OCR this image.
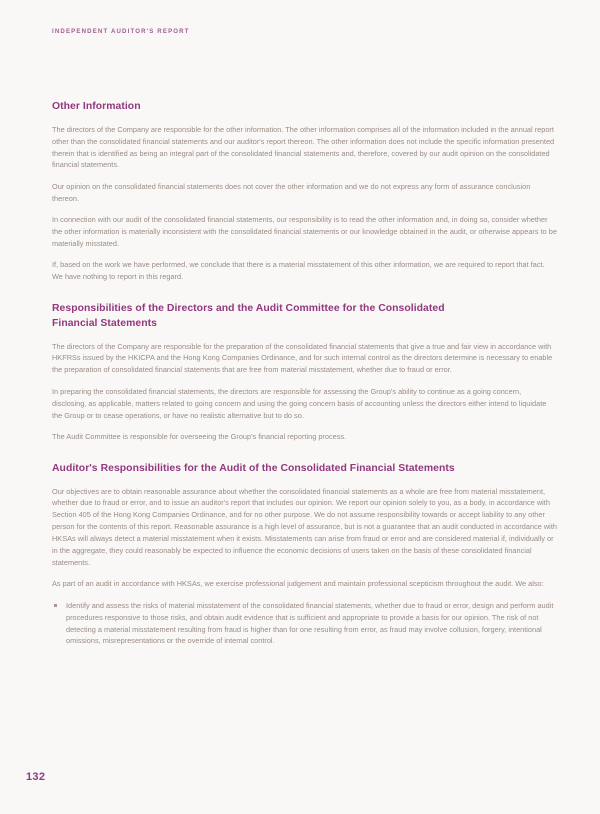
INDEPENDENT AUDITOR'S REPORT
Other Information

The directors of the Company are responsible for the other information. The other information comprises all of the information included in the annual report other than the consolidated financial statements and our auditor's report thereon. The other information does not include the specific information presented therein that is identified as being an integral part of the consolidated financial statements and, therefore, covered by our audit opinion on the consolidated financial statements.

Our opinion on the consolidated financial statements does not cover the other information and we do not express any form of assurance conclusion thereon.

In connection with our audit of the consolidated financial statements, our responsibility is to read the other information and, in doing so, consider whether the other information is materially inconsistent with the consolidated financial statements or our knowledge obtained in the audit, or otherwise appears to be materially misstated.

If, based on the work we have performed, we conclude that there is a material misstatement of this other information, we are required to report that fact. We have nothing to report in this regard.

Responsibilities of the Directors and the Audit Committee for the Consolidated Financial Statements

The directors of the Company are responsible for the preparation of the consolidated financial statements that give a true and fair view in accordance with HKFRSs issued by the HKICPA and the Hong Kong Companies Ordinance, and for such internal control as the directors determine is necessary to enable the preparation of consolidated financial statements that are free from material misstatement, whether due to fraud or error.

In preparing the consolidated financial statements, the directors are responsible for assessing the Group's ability to continue as a going concern, disclosing, as applicable, matters related to going concern and using the going concern basis of accounting unless the directors either intend to liquidate the Group or to cease operations, or have no realistic alternative but to do so.

The Audit Committee is responsible for overseeing the Group's financial reporting process.

Auditor's Responsibilities for the Audit of the Consolidated Financial Statements

Our objectives are to obtain reasonable assurance about whether the consolidated financial statements as a whole are free from material misstatement, whether due to fraud or error, and to issue an auditor's report that includes our opinion. We report our opinion solely to you, as a body, in accordance with Section 405 of the Hong Kong Companies Ordinance, and for no other purpose. We do not assume responsibility towards or accept liability to any other person for the contents of this report. Reasonable assurance is a high level of assurance, but is not a guarantee that an audit conducted in accordance with HKSAs will always detect a material misstatement when it exists. Misstatements can arise from fraud or error and are considered material if, individually or in the aggregate, they could reasonably be expected to influence the economic decisions of users taken on the basis of these consolidated financial statements.

As part of an audit in accordance with HKSAs, we exercise professional judgement and maintain professional scepticism throughout the audit. We also:

Identify and assess the risks of material misstatement of the consolidated financial statements, whether due to fraud or error, design and perform audit procedures responsive to those risks, and obtain audit evidence that is sufficient and appropriate to provide a basis for our opinion. The risk of not detecting a material misstatement resulting from fraud is higher than for one resulting from error, as fraud may involve collusion, forgery, intentional omissions, misrepresentations or the override of internal control.
132
